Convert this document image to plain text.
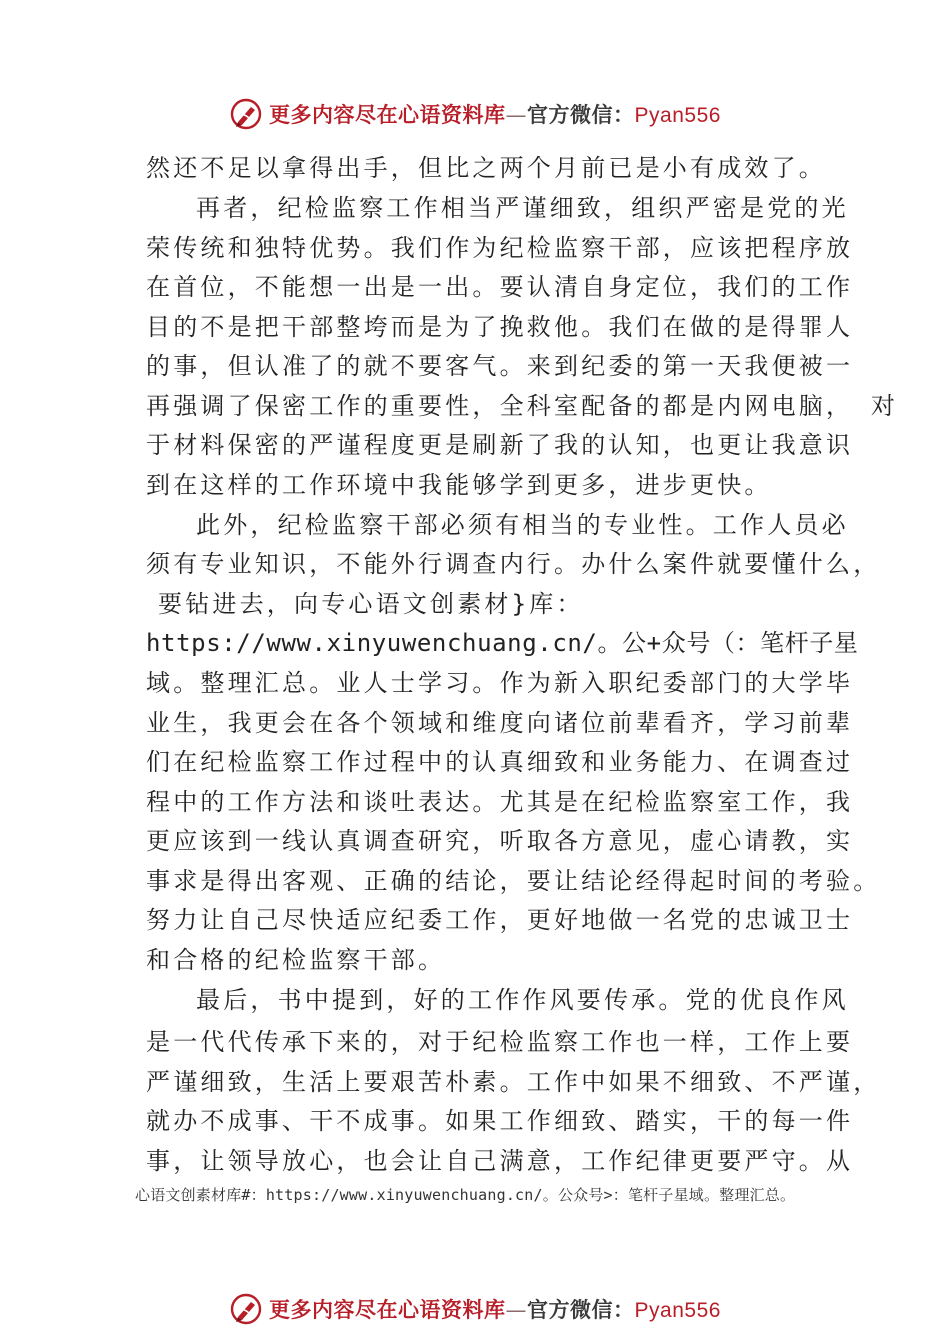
更多内容尽在心语资料库—官方微信：Pyan556
然还不足以拿得出手，但比之两个月前已是小有成效了。
再者，纪检监察工作相当严谨细致，组织严密是党的光
荣传统和独特优势。我们作为纪检监察干部，应该把程序放
在首位，不能想一出是一出。要认清自身定位，我们的工作
目的不是把干部整垮而是为了挽救他。我们在做的是得罪人
的事，但认准了的就不要客气。来到纪委的第一天我便被一
再强调了保密工作的重要性，全科室配备的都是内网电脑， 对
于材料保密的严谨程度更是刷新了我的认知，也更让我意识
到在这样的工作环境中我能够学到更多，进步更快。
此外，纪检监察干部必须有相当的专业性。工作人员必
须有专业知识，不能外行调查内行。办什么案件就要懂什么，
要钻进去，向专心语文创素材}库：
https://www.xinyuwenchuang.cn/。公+众号（：笔杆子星
域。整理汇总。业人士学习。作为新入职纪委部门的大学毕
业生，我更会在各个领域和维度向诸位前辈看齐，学习前辈
们在纪检监察工作过程中的认真细致和业务能力、在调查过
程中的工作方法和谈吐表达。尤其是在纪检监察室工作，我
更应该到一线认真调查研究，听取各方意见，虚心请教，实
事求是得出客观、正确的结论，要让结论经得起时间的考验。
努力让自己尽快适应纪委工作，更好地做一名党的忠诚卫士
和合格的纪检监察干部。
最后，书中提到，好的工作作风要传承。党的优良作风
是一代代传承下来的，对于纪检监察工作也一样，工作上要
严谨细致，生活上要艰苦朴素。工作中如果不细致、不严谨，
就办不成事、干不成事。如果工作细致、踏实，干的每一件
事，让领导放心，也会让自己满意，工作纪律更要严守。从
心语文创素材库#：https://www.xinyuwenchuang.cn/。公众号>：笔杆子星域。整理汇总。
更多内容尽在心语资料库—官方微信：Pyan556
